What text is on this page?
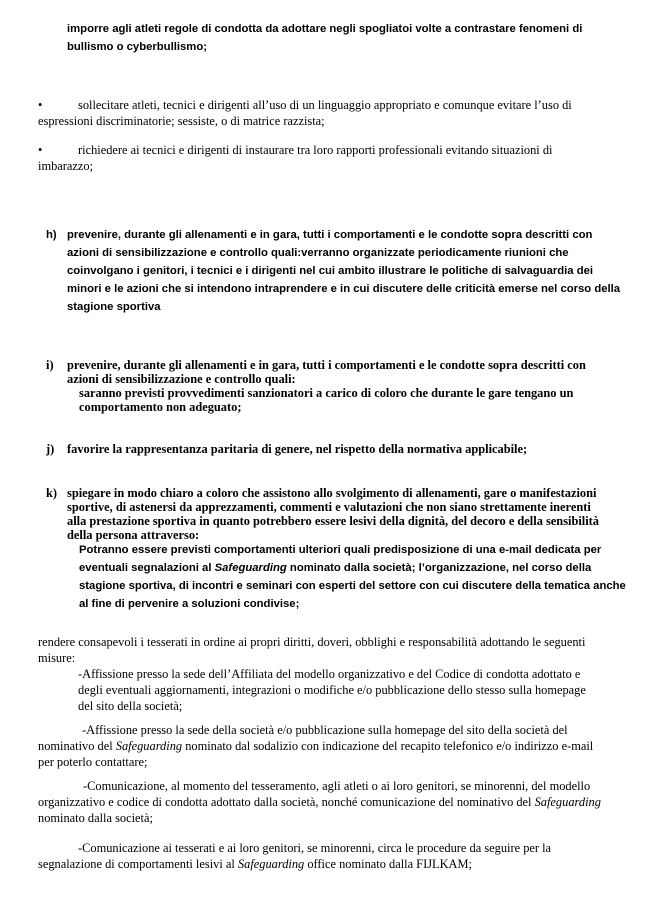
imporre agli atleti regole di condotta da adottare negli spogliatoi volte a contrastare fenomeni di
bullismo o cyberbullismo;
•	sollecitare atleti, tecnici e dirigenti all’uso di un linguaggio appropriato e comunque evitare l’uso di
espressioni discriminatorie; sessiste, o di matrice razzista;
•	richiedere ai tecnici e dirigenti di instaurare tra loro rapporti professionali evitando situazioni di
imbarazzo;
h) prevenire, durante gli allenamenti e in gara, tutti i comportamenti e le condotte sopra descritti con
azioni di sensibilizzazione e controllo quali:verranno organizzate periodicamente riunioni che
coinvolgano i genitori, i tecnici e i dirigenti nel cui ambito illustrare le politiche di salvaguardia dei
minori e le azioni che si intendono intraprendere e in cui discutere delle criticità emerse nel corso della
stagione sportiva
i) prevenire, durante gli allenamenti e in gara, tutti i comportamenti e le condotte sopra descritti con
azioni di sensibilizzazione e controllo quali:
saranno previsti provvedimenti sanzionatori a carico di coloro che durante le gare tengano un
comportamento non adeguato;
j)	favorire la rappresentanza paritaria di genere, nel rispetto della normativa applicabile;
k) spiegare in modo chiaro a coloro che assistono allo svolgimento di allenamenti, gare o manifestazioni
sportive, di astenersi da apprezzamenti, commenti e valutazioni che non siano strettamente inerenti
alla prestazione sportiva in quanto potrebbero essere lesivi della dignità, del decoro e della sensibilità
della persona attraverso:
Potranno essere previsti comportamenti ulteriori quali predisposizione di una e-mail dedicata per
eventuali segnalazioni al Safeguarding nominato dalla società; l’organizzazione, nel corso della
stagione sportiva, di incontri e seminari con esperti del settore con cui discutere della tematica anche
al fine di pervenire a soluzioni condivise;
rendere consapevoli i tesserati in ordine ai propri diritti, doveri, obblighi e responsabilità adottando le seguenti
misure:
-Affissione presso la sede dell’Affiliata del modello organizzativo e del Codice di condotta adottato e
degli eventuali aggiornamenti, integrazioni o modifiche e/o pubblicazione dello stesso sulla homepage
del sito della società;
-Affissione presso la sede della società e/o pubblicazione sulla homepage del sito della società del
nominativo del Safeguarding nominato dal sodalizio con indicazione del recapito telefonico e/o indirizzo e-mail
per poterlo contattare;
-Comunicazione, al momento del tesseramento, agli atleti o ai loro genitori, se minorenni, del modello
organizzativo e codice di condotta adottato dalla società, nonché comunicazione del nominativo del Safeguarding
nominato dalla società;
-Comunicazione ai tesserati e ai loro genitori, se minorenni, circa le procedure da seguire per la
segnalazione di comportamenti lesivi al Safeguarding office nominato dalla FIJLKAM;
